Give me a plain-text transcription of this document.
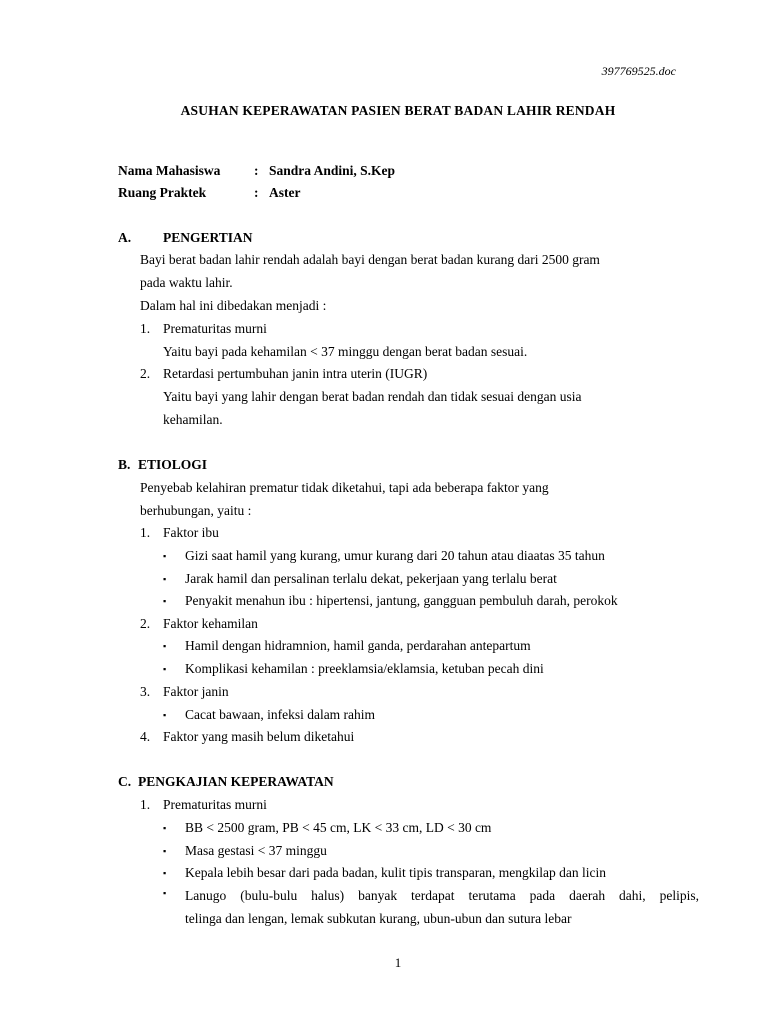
397769525.doc
ASUHAN KEPERAWATAN PASIEN BERAT BADAN LAHIR RENDAH
Nama Mahasiswa : Sandra Andini, S.Kep
Ruang Praktek	: Aster
A. PENGERTIAN
Bayi berat badan lahir rendah adalah bayi dengan berat badan kurang dari 2500 gram
pada waktu lahir.
Dalam hal ini dibedakan menjadi :
1. Prematuritas murni
Yaitu bayi pada kehamilan < 37 minggu dengan berat badan sesuai.
2. Retardasi pertumbuhan janin intra uterin (IUGR)
Yaitu bayi yang lahir dengan berat badan rendah dan tidak sesuai dengan usia
kehamilan.
B. ETIOLOGI
Penyebab kelahiran prematur tidak diketahui, tapi ada beberapa faktor yang
berhubungan, yaitu :
1. Faktor ibu
▪ Gizi saat hamil yang kurang, umur kurang dari 20 tahun atau diaatas 35 tahun
▪ Jarak hamil dan persalinan terlalu dekat, pekerjaan yang terlalu berat
▪ Penyakit menahun ibu : hipertensi, jantung, gangguan pembuluh darah, perokok
2. Faktor kehamilan
▪ Hamil dengan hidramnion, hamil ganda, perdarahan antepartum
▪ Komplikasi kehamilan : preeklamsia/eklamsia, ketuban pecah dini
3. Faktor janin
▪ Cacat bawaan, infeksi dalam rahim
4. Faktor yang masih belum diketahui
C. PENGKAJIAN KEPERAWATAN
1. Prematuritas murni
▪ BB < 2500 gram, PB < 45 cm, LK < 33 cm, LD < 30 cm
▪ Masa gestasi < 37 minggu
▪ Kepala lebih besar dari pada badan, kulit tipis transparan, mengkilap dan licin
▪	Lanugo (bulu-bulu halus) banyak terdapat terutama pada daerah dahi, pelipis,
telinga dan lengan, lemak subkutan kurang, ubun-ubun dan sutura lebar
1
